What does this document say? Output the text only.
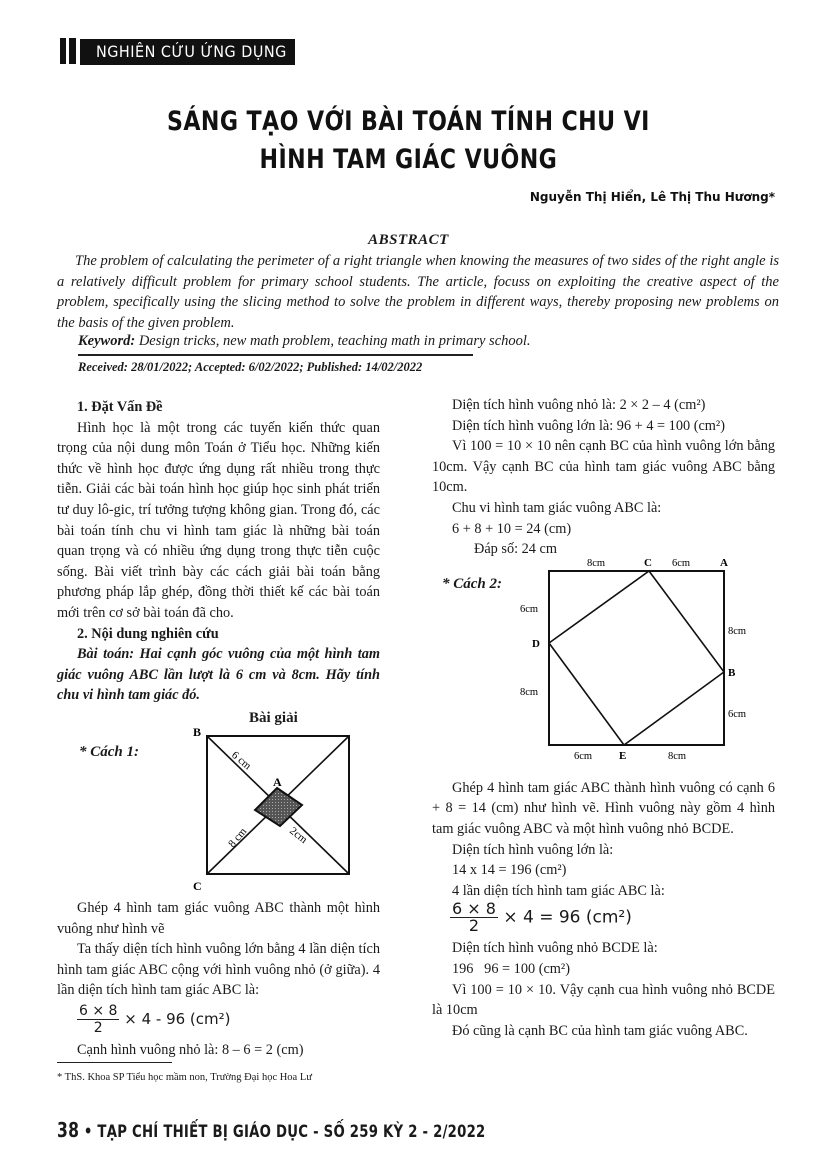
NGHIÊN CỨU ỨNG DỤNG
SÁNG TẠO VỚI BÀI TOÁN TÍNH CHU VI
HÌNH TAM GIÁC VUÔNG
Nguyễn Thị Hiển, Lê Thị Thu Hương*
ABSTRACT
The problem of calculating the perimeter of a right triangle when knowing the measures of two sides of the right angle is a relatively difficult problem for primary school students. The article, focuss on exploiting the creative aspect of the problem, specifically using the slicing method to solve the problem in different ways, thereby proposing new problems on the basis of the given problem.
Keyword: Design tricks, new math problem, teaching math in primary school.
Received: 28/01/2022; Accepted: 6/02/2022; Published: 14/02/2022

1. Đặt Vấn Đề

Hình học là một trong các tuyến kiến thức quan trọng của nội dung môn Toán ở Tiểu học. Những kiến thức về hình học được ứng dụng rất nhiều trong thực tiễn. Giải các bài toán hình học giúp học sinh phát triển tư duy lô-gic, trí tưởng tượng không gian. Trong đó, các bài toán tính chu vi hình tam giác là những bài toán quan trọng và có nhiều ứng dụng trong thực tiễn cuộc sống. Bài viết trình bày các cách giải bài toán bằng phương pháp lắp ghép, đồng thời thiết kế các bài toán mới trên cơ sở bài toán đã cho.

2. Nội dung nghiên cứu

Bài toán: Hai cạnh góc vuông của một hình tam giác vuông ABC lần lượt là 6 cm và 8cm. Hãy tính chu vi hình tam giác đó.

Bài giải
* Cách 1:
B
A
C
6 cm
8 cm	2cm

Ghép 4 hình tam giác vuông ABC thành một hình vuông như hình vẽ

Ta thấy diện tích hình vuông lớn bằng 4 lần diện tích hình tam giác ABC cộng với hình vuông nhỏ (ở giữa). 4 lần diện tích hình tam giác ABC là:

$\frac{6 \times 8}{2} \times 4 - 96$ (cm²)

Cạnh hình vuông nhỏ là: 8 – 6 = 2 (cm)

Diện tích hình vuông nhỏ là: 2 × 2 – 4 (cm²)

Diện tích hình vuông lớn là: 96 + 4 = 100 (cm²)

Vì 100 = 10 × 10 nên cạnh BC của hình vuông lớn bằng 10cm. Vậy cạnh BC của hình tam giác vuông ABC bằng 10cm.

Chu vi hình tam giác vuông ABC là:

6 + 8 + 10 = 24 (cm)

Đáp số: 24 cm

* Cách 2:
C	A
D
B
E
8cm	6cm
6cm
8cm
8cm
6cm
6cm	8cm

Ghép 4 hình tam giác ABC thành hình vuông có cạnh 6 + 8 = 14 (cm) như hình vẽ. Hình vuông này gồm 4 hình tam giác vuông ABC và một hình vuông nhỏ BCDE.

Diện tích hình vuông lớn là:

14 x 14 = 196 (cm²)

4 lần diện tích hình tam giác ABC là:

$\frac{6 \times 8}{2} \times 4 = 96$ (cm²)

Diện tích hình vuông nhỏ BCDE là:

196   96 = 100 (cm²)

Vì 100 = 10 × 10. Vậy cạnh cua hình vuông nhỏ BCDE là 10cm

Đó cũng là cạnh BC của hình tam giác vuông ABC.

* ThS. Khoa SP Tiểu học mầm non, Trường Đại học Hoa Lư
38 • TẠP CHÍ THIẾT BỊ GIÁO DỤC - SỐ 259 KỲ 2 - 2/2022
